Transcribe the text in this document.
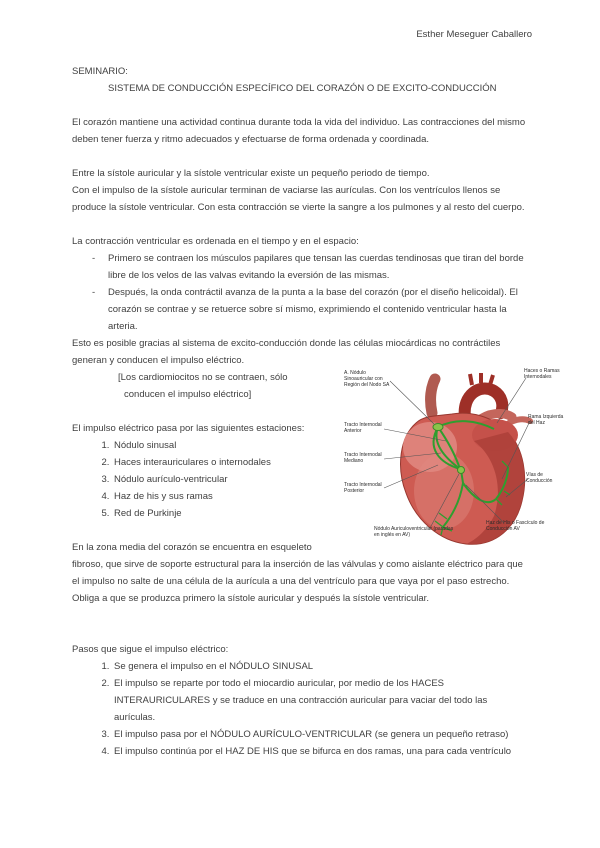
Esther Meseguer Caballero
SEMINARIO:
SISTEMA DE CONDUCCIÓN ESPECÍFICO DEL CORAZÓN O DE EXCITO-CONDUCCIÓN

El corazón mantiene una actividad continua durante toda la vida del individuo. Las contracciones del mismo deben tener fuerza y ritmo adecuados y efectuarse de forma ordenada y coordinada.

Entre la sístole auricular y la sístole ventricular existe un pequeño periodo de tiempo.

Con el impulso de la sístole auricular terminan de vaciarse las aurículas. Con los ventrículos llenos se produce la sístole ventricular. Con esta contracción se vierte la sangre a los pulmones y al resto del cuerpo.

La contracción ventricular es ordenada en el tiempo y en el espacio:

- Primero se contraen los músculos papilares que tensan las cuerdas tendinosas que tiran del borde libre de los velos de las valvas evitando la eversión de las mismas.
- Después, la onda contráctil avanza de la punta a la base del corazón (por el diseño helicoidal). El corazón se contrae y se retuerce sobre sí mismo, exprimiendo el contenido ventricular hasta la arteria.

Esto es posible gracias al sistema de excito-conducción donde las células miocárdicas no contráctiles generan y conducen el impulso eléctrico.

A. Nódulo Sinoauricular con Región del Nodo SA
Tracto Internodal Anterior
Tracto Internodal Mediano
Tracto Internodal Posterior
Haces o Ramas Internodales
Rama Izquierda del Haz
Vías de Conducción
Nódulo Auriculoventricular (paradas en inglés en AV)
Haz de His o Fascículo de Conducción AV
[Los cardiomiocitos no se contraen, sólo
conducen el impulso eléctrico]

El impulso eléctrico pasa por las siguientes estaciones:

1. Nódulo sinusal
2. Haces interauriculares o internodales
3. Nódulo aurículo-ventricular
4. Haz de his y sus ramas
5. Red de Purkinje

En la zona media del corazón se encuentra en esqueleto fibroso, que sirve de soporte estructural para la inserción de las válvulas y como aislante eléctrico para que el impulso no salte de una célula de la aurícula a una del ventrículo para que vaya por el paso estrecho. Obliga a que se produzca primero la sístole auricular y después la sístole ventricular.

Pasos que sigue el impulso eléctrico:

1. Se genera el impulso en el NÓDULO SINUSAL
2. El impulso se reparte por todo el miocardio auricular, por medio de los HACES INTERAURICULARES y se traduce en una contracción auricular para vaciar del todo las aurículas.
3. El impulso pasa por el NÓDULO AURÍCULO-VENTRICULAR (se genera un pequeño retraso)
4. El impulso continúa por el HAZ DE HIS que se bifurca en dos ramas, una para cada ventrículo
